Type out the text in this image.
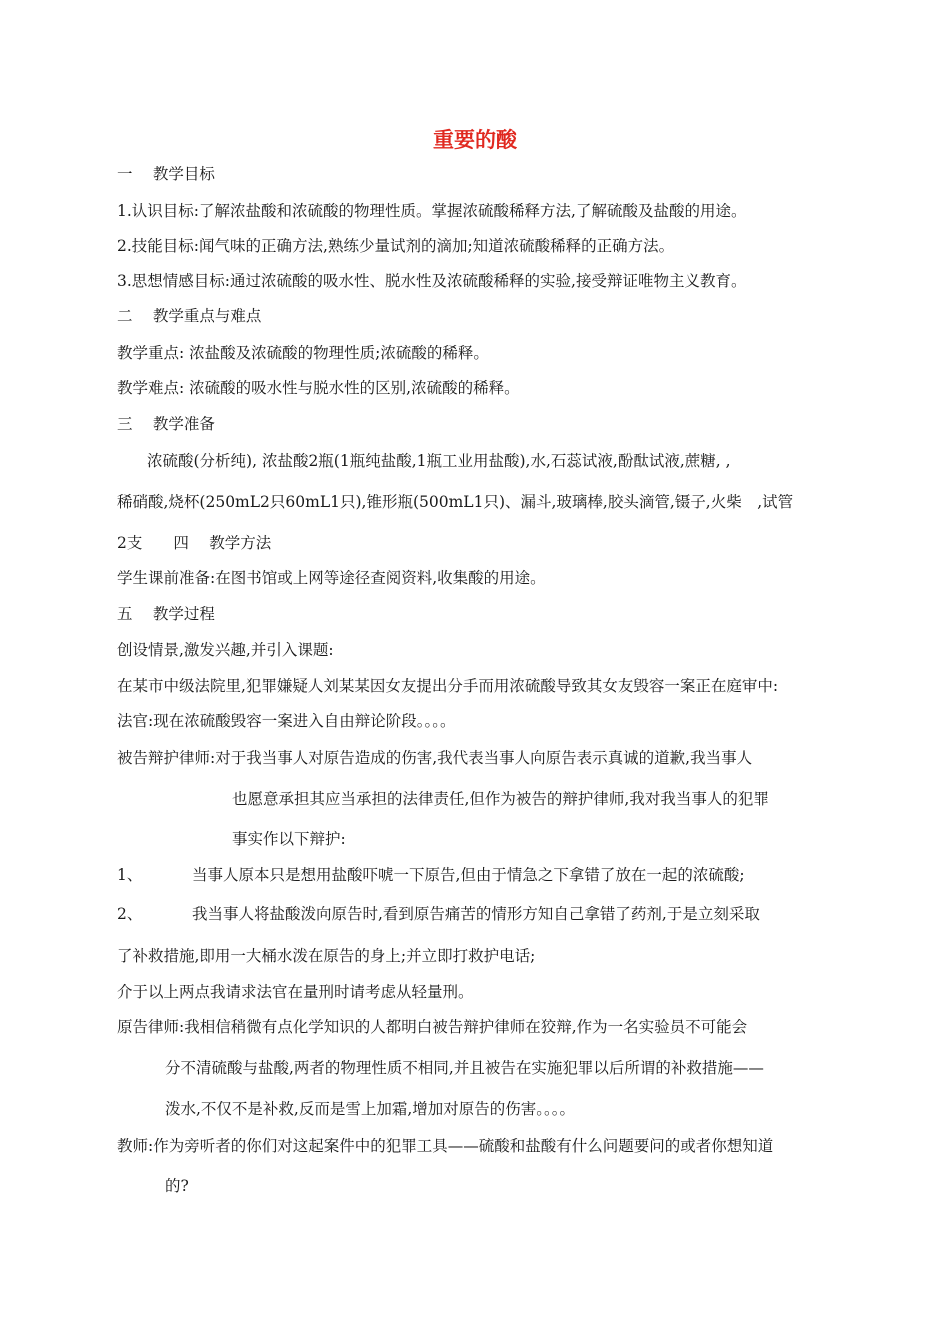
重要的酸
一　 教学目标
1.认识目标:了解浓盐酸和浓硫酸的物理性质。掌握浓硫酸稀释方法,了解硫酸及盐酸的用途。
2.技能目标:闻气味的正确方法,熟练少量试剂的滴加;知道浓硫酸稀释的正确方法。
3.思想情感目标:通过浓硫酸的吸水性、脱水性及浓硫酸稀释的实验,接受辩证唯物主义教育。
二　 教学重点与难点
教学重点: 浓盐酸及浓硫酸的物理性质;浓硫酸的稀释。
教学难点: 浓硫酸的吸水性与脱水性的区别,浓硫酸的稀释。
三　 教学准备
浓硫酸(分析纯), 浓盐酸2瓶(1瓶纯盐酸,1瓶工业用盐酸),水,石蕊试液,酚酞试液,蔗糖, ,
稀硝酸,烧杯(250mL2只60mL1只),锥形瓶(500mL1只)、漏斗,玻璃棒,胶头滴管,镊子,火柴　,试管
2支　　四　 教学方法
学生课前准备:在图书馆或上网等途径查阅资料,收集酸的用途。
五　 教学过程
创设情景,激发兴趣,并引入课题:
在某市中级法院里,犯罪嫌疑人刘某某因女友提出分手而用浓硫酸导致其女友毁容一案正在庭审中:
法官:现在浓硫酸毁容一案进入自由辩论阶段。。。。
被告辩护律师:对于我当事人对原告造成的伤害,我代表当事人向原告表示真诚的道歉,我当事人
也愿意承担其应当承担的法律责任,但作为被告的辩护律师,我对我当事人的犯罪
事实作以下辩护:
1、	当事人原本只是想用盐酸吓唬一下原告,但由于情急之下拿错了放在一起的浓硫酸;
2、	我当事人将盐酸泼向原告时,看到原告痛苦的情形方知自己拿错了药剂,于是立刻采取
了补救措施,即用一大桶水泼在原告的身上;并立即打救护电话;
介于以上两点我请求法官在量刑时请考虑从轻量刑。
原告律师:我相信稍微有点化学知识的人都明白被告辩护律师在狡辩,作为一名实验员不可能会
分不清硫酸与盐酸,两者的物理性质不相同,并且被告在实施犯罪以后所谓的补救措施——
泼水,不仅不是补救,反而是雪上加霜,增加对原告的伤害。。。。
教师:作为旁听者的你们对这起案件中的犯罪工具——硫酸和盐酸有什么问题要问的或者你想知道
的?
